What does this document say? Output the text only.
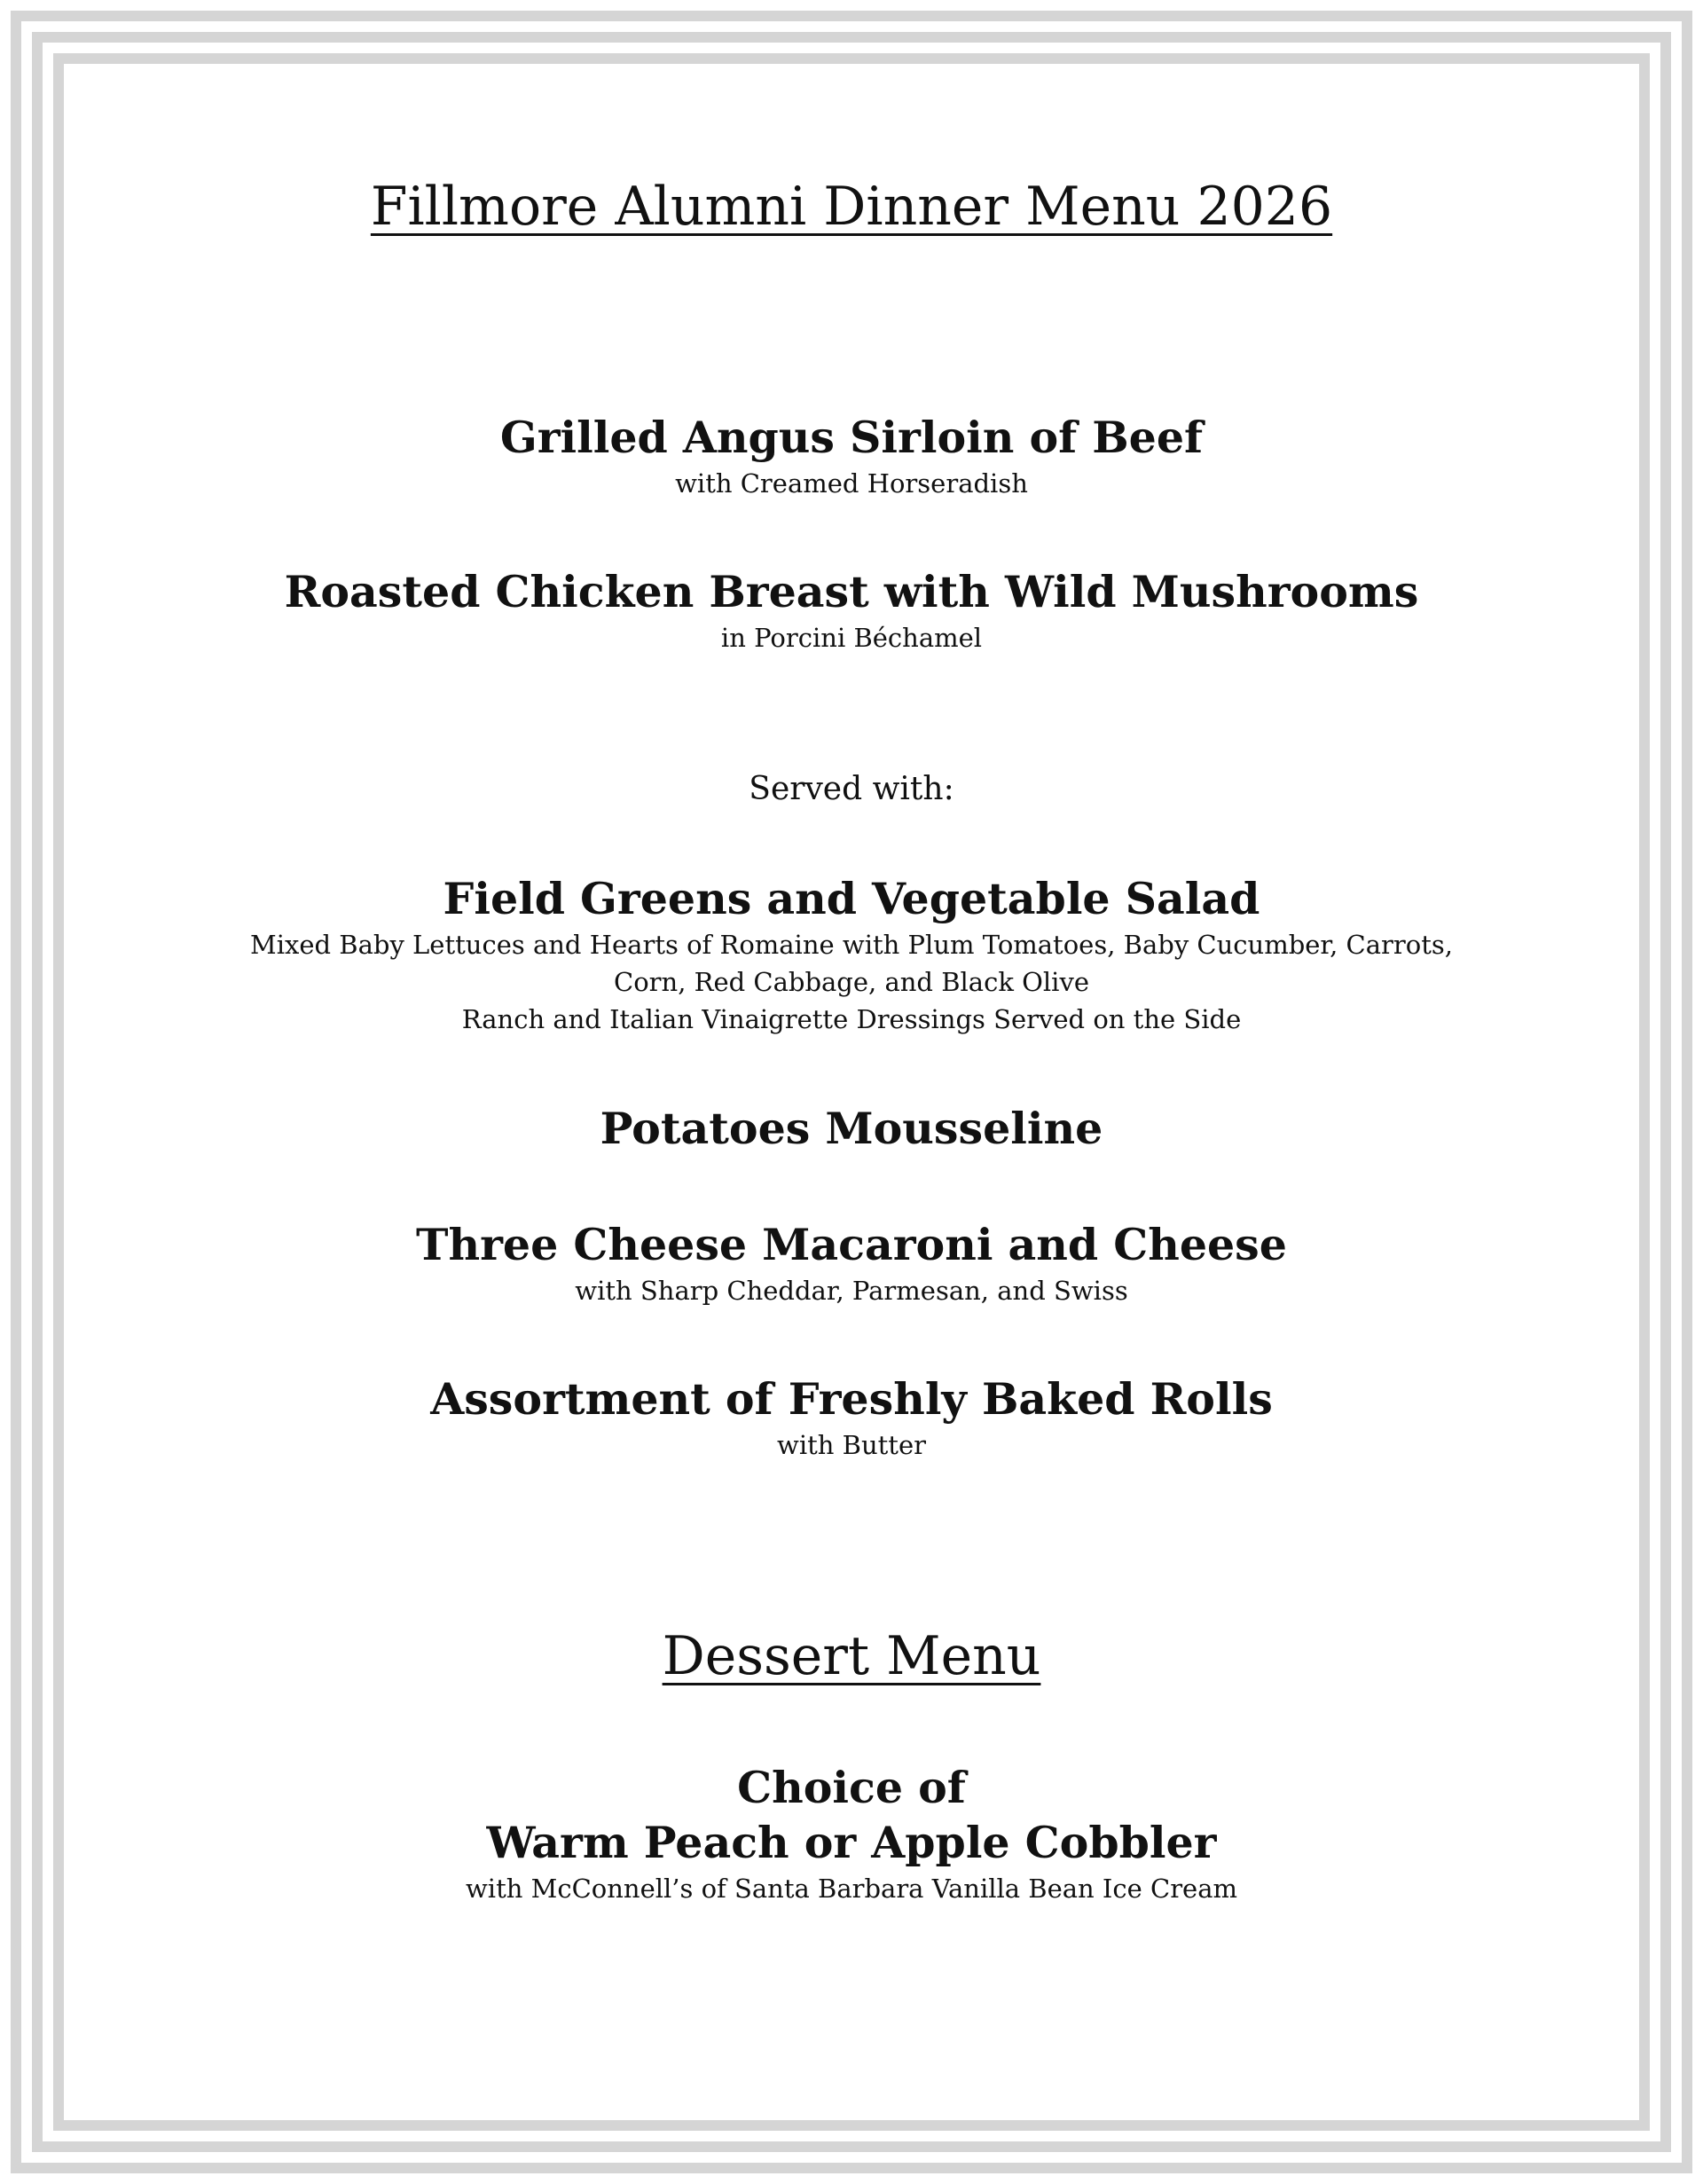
Fillmore Alumni Dinner Menu 2026

Grilled Angus Sirloin of Beef

with Creamed Horseradish

Roasted Chicken Breast with Wild Mushrooms

in Porcini Béchamel

Served with:

Field Greens and Vegetable Salad

Mixed Baby Lettuces and Hearts of Romaine with Plum Tomatoes, Baby Cucumber, Carrots,

Corn, Red Cabbage, and Black Olive

Ranch and Italian Vinaigrette Dressings Served on the Side

Potatoes Mousseline

Three Cheese Macaroni and Cheese

with Sharp Cheddar, Parmesan, and Swiss

Assortment of Freshly Baked Rolls

with Butter

Dessert Menu

Choice of

Warm Peach or Apple Cobbler

with McConnell’s of Santa Barbara Vanilla Bean Ice Cream
